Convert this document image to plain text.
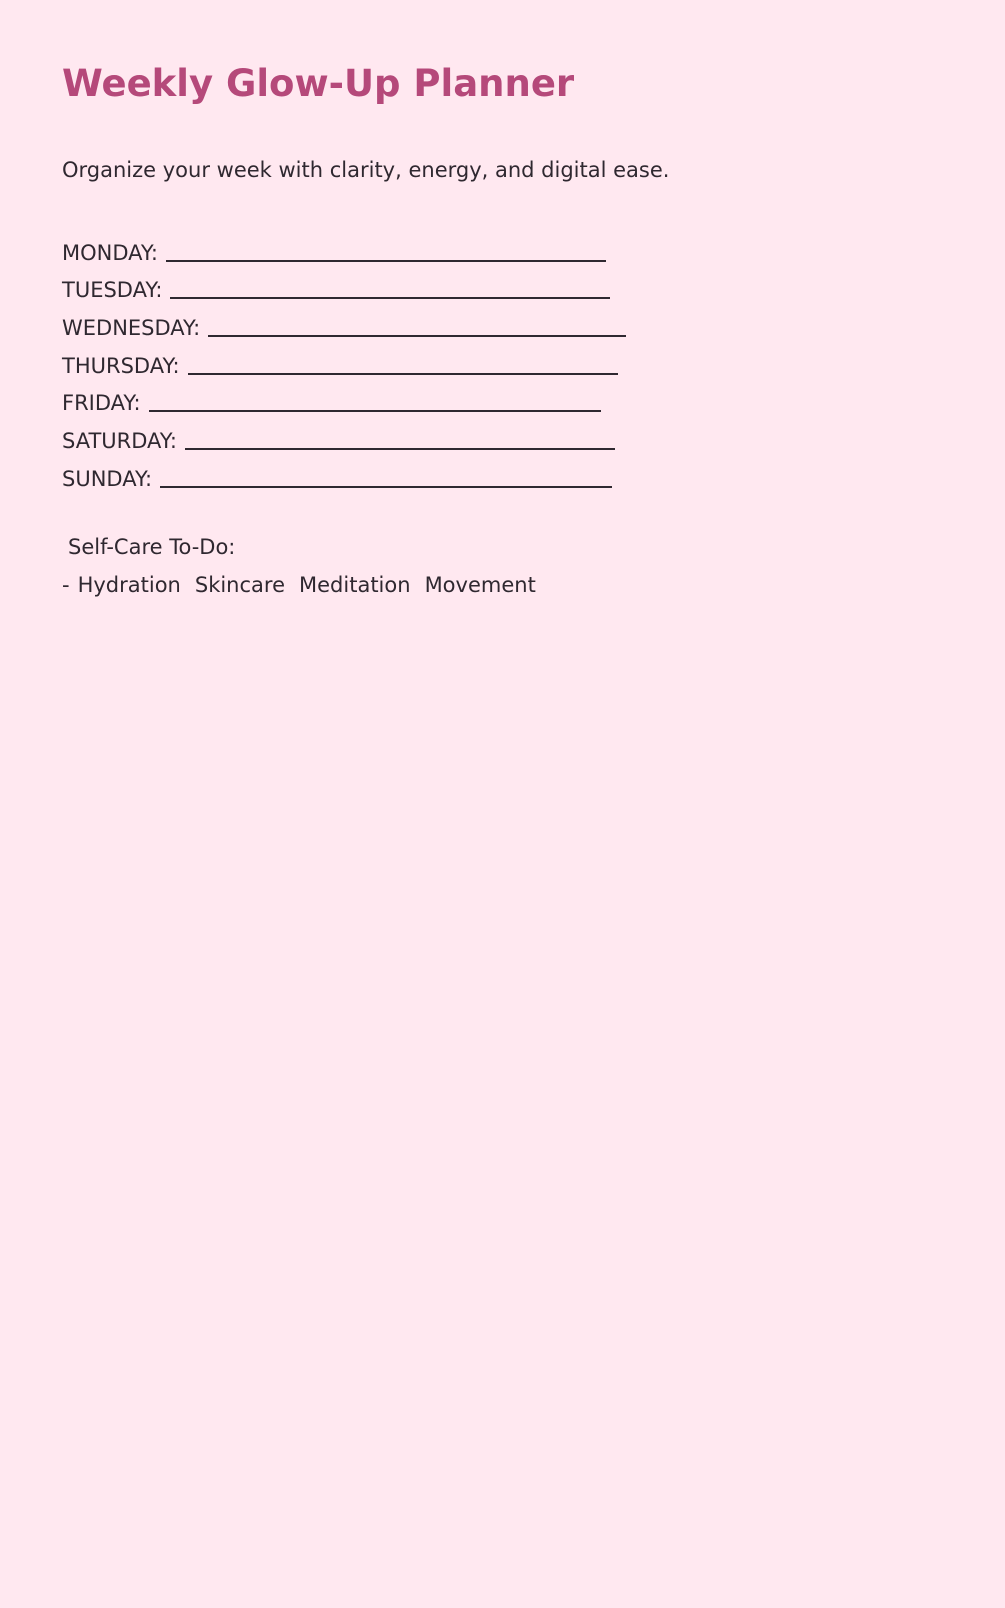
Weekly Glow-Up Planner

Organize your week with clarity, energy, and digital ease.

MONDAY:
TUESDAY:
WEDNESDAY:
THURSDAY:
FRIDAY:
SATURDAY:
SUNDAY:
Self-Care To-Do:
- Hydration Skincare Meditation Movement
